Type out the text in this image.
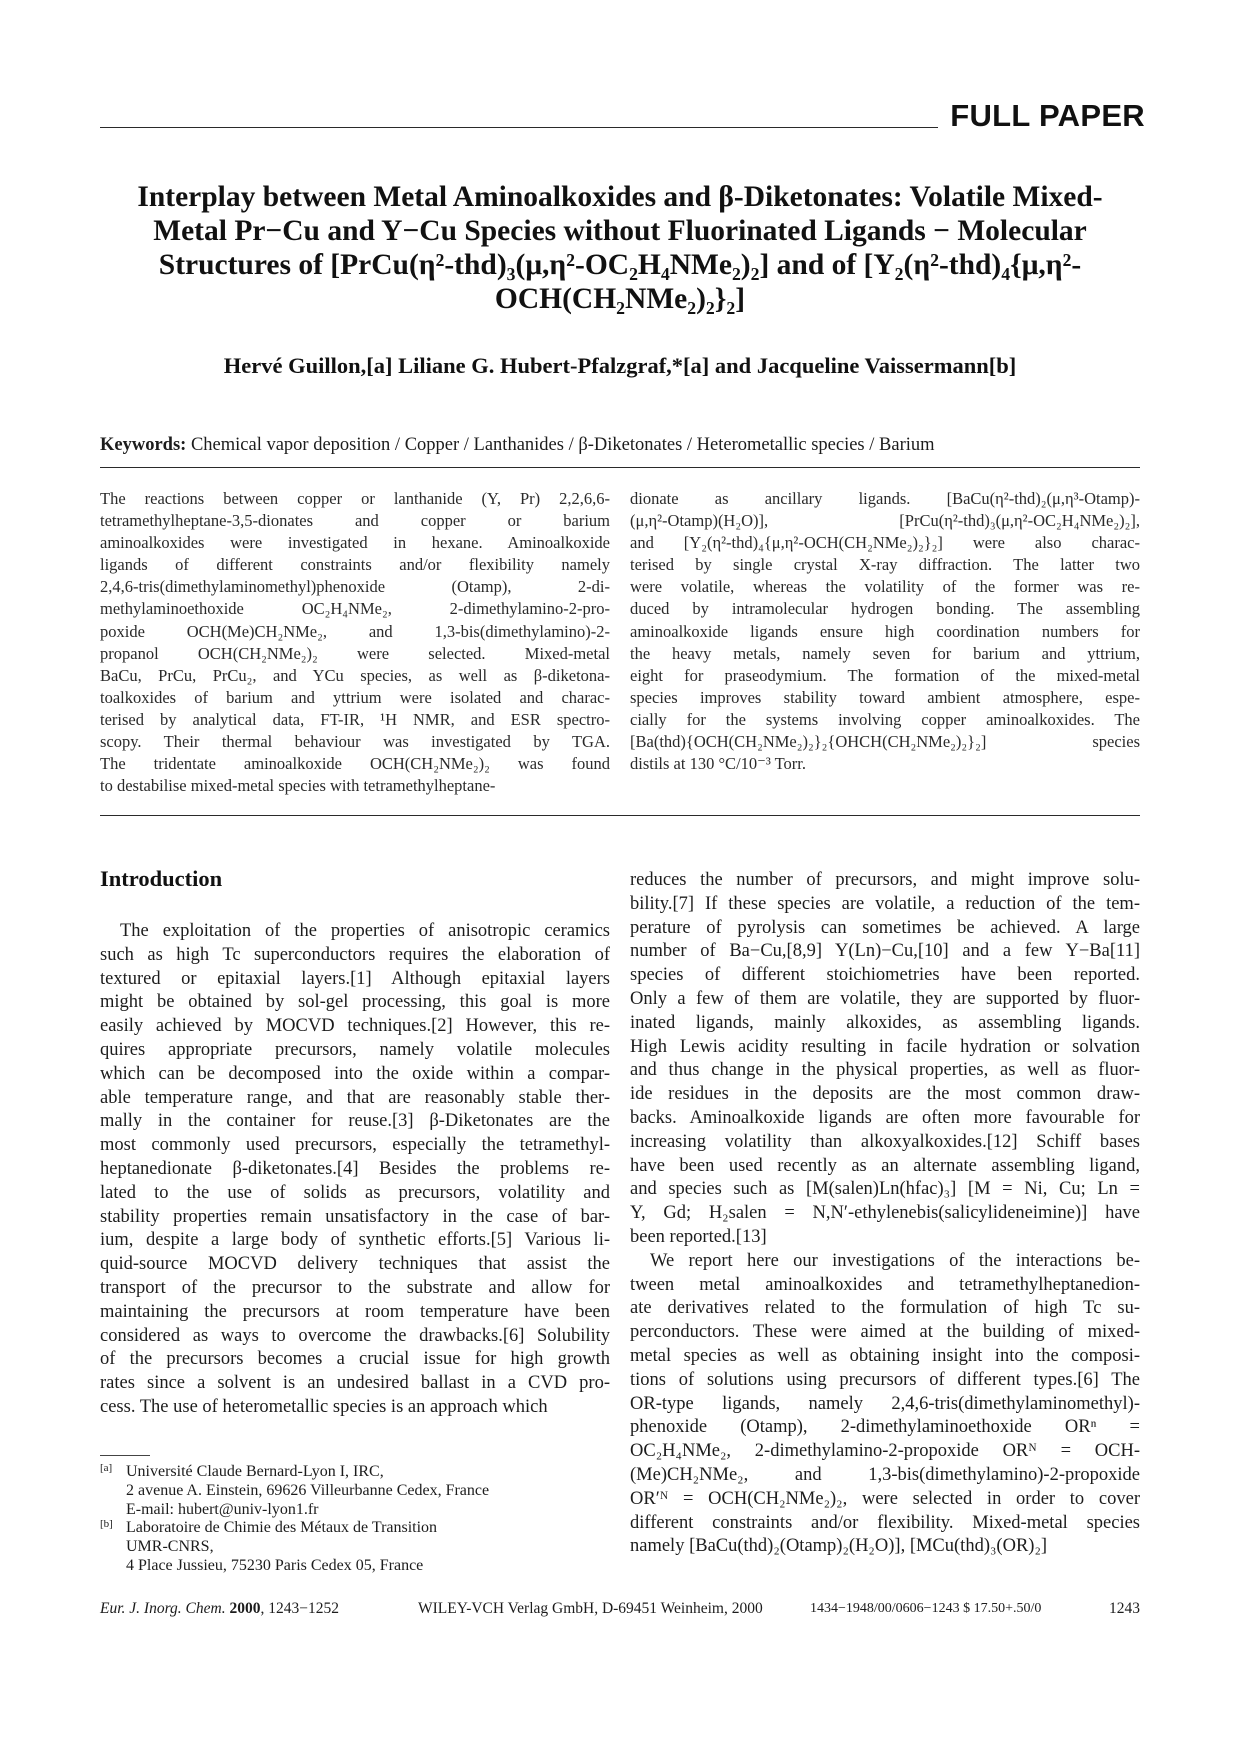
FULL PAPER
Interplay between Metal Aminoalkoxides and β-Diketonates: Volatile Mixed-
Metal Pr−Cu and Y−Cu Species without Fluorinated Ligands − Molecular
Structures of [PrCu(η²-thd)₃(μ,η²-OC₂H₄NMe₂)₂] and of [Y₂(η²-thd)₄{μ,η²-
OCH(CH₂NMe₂)₂}₂]
Hervé Guillon,[a] Liliane G. Hubert-Pfalzgraf,*[a] and Jacqueline Vaissermann[b]
Keywords: Chemical vapor deposition / Copper / Lanthanides / β-Diketonates / Heterometallic species / Barium
The reactions between copper or lanthanide (Y, Pr) 2,2,6,6-
tetramethylheptane-3,5-dionates and copper or barium
aminoalkoxides were investigated in hexane. Aminoalkoxide
ligands of different constraints and/or flexibility namely
2,4,6-tris(dimethylaminomethyl)phenoxide (Otamp), 2-di-
methylaminoethoxide OC₂H₄NMe₂, 2-dimethylamino-2-pro-
poxide OCH(Me)CH₂NMe₂, and 1,3-bis(dimethylamino)-2-
propanol OCH(CH₂NMe₂)₂ were selected. Mixed-metal
BaCu, PrCu, PrCu₂, and YCu species, as well as β-diketona-
toalkoxides of barium and yttrium were isolated and charac-
terised by analytical data, FT-IR, ¹H NMR, and ESR spectro-
scopy. Their thermal behaviour was investigated by TGA.
The tridentate aminoalkoxide OCH(CH₂NMe₂)₂ was found
to destabilise mixed-metal species with tetramethylheptane-
dionate as ancillary ligands. [BaCu(η²-thd)₂(μ,η³-Otamp)-
(μ,η²-Otamp)(H₂O)], [PrCu(η²-thd)₃(μ,η²-OC₂H₄NMe₂)₂],
and [Y₂(η²-thd)₄{μ,η²-OCH(CH₂NMe₂)₂}₂] were also charac-
terised by single crystal X-ray diffraction. The latter two
were volatile, whereas the volatility of the former was re-
duced by intramolecular hydrogen bonding. The assembling
aminoalkoxide ligands ensure high coordination numbers for
the heavy metals, namely seven for barium and yttrium,
eight for praseodymium. The formation of the mixed-metal
species improves stability toward ambient atmosphere, espe-
cially for the systems involving copper aminoalkoxides. The
[Ba(thd){OCH(CH₂NMe₂)₂}₂{OHCH(CH₂NMe₂)₂}₂] species
distils at 130 °C/10⁻³ Torr.
Introduction
The exploitation of the properties of anisotropic ceramics
such as high Tc superconductors requires the elaboration of
textured or epitaxial layers.[1] Although epitaxial layers
might be obtained by sol-gel processing, this goal is more
easily achieved by MOCVD techniques.[2] However, this re-
quires appropriate precursors, namely volatile molecules
which can be decomposed into the oxide within a compar-
able temperature range, and that are reasonably stable ther-
mally in the container for reuse.[3] β-Diketonates are the
most commonly used precursors, especially the tetramethyl-
heptanedionate β-diketonates.[4] Besides the problems re-
lated to the use of solids as precursors, volatility and
stability properties remain unsatisfactory in the case of bar-
ium, despite a large body of synthetic efforts.[5] Various li-
quid-source MOCVD delivery techniques that assist the
transport of the precursor to the substrate and allow for
maintaining the precursors at room temperature have been
considered as ways to overcome the drawbacks.[6] Solubility
of the precursors becomes a crucial issue for high growth
rates since a solvent is an undesired ballast in a CVD pro-
cess. The use of heterometallic species is an approach which
reduces the number of precursors, and might improve solu-
bility.[7] If these species are volatile, a reduction of the tem-
perature of pyrolysis can sometimes be achieved. A large
number of Ba−Cu,[8,9] Y(Ln)−Cu,[10] and a few Y−Ba[11]
species of different stoichiometries have been reported.
Only a few of them are volatile, they are supported by fluor-
inated ligands, mainly alkoxides, as assembling ligands.
High Lewis acidity resulting in facile hydration or solvation
and thus change in the physical properties, as well as fluor-
ide residues in the deposits are the most common draw-
backs. Aminoalkoxide ligands are often more favourable for
increasing volatility than alkoxyalkoxides.[12] Schiff bases
have been used recently as an alternate assembling ligand,
and species such as [M(salen)Ln(hfac)₃] [M = Ni, Cu; Ln =
Y, Gd; H₂salen = N,N′-ethylenebis(salicylideneimine)] have
been reported.[13]
We report here our investigations of the interactions be-
tween metal aminoalkoxides and tetramethylheptanedion-
ate derivatives related to the formulation of high Tc su-
perconductors. These were aimed at the building of mixed-
metal species as well as obtaining insight into the composi-
tions of solutions using precursors of different types.[6] The
OR-type ligands, namely 2,4,6-tris(dimethylaminomethyl)-
phenoxide (Otamp), 2-dimethylaminoethoxide ORⁿ =
OC₂H₄NMe₂, 2-dimethylamino-2-propoxide ORᴺ = OCH-
(Me)CH₂NMe₂, and 1,3-bis(dimethylamino)-2-propoxide
OR′ᴺ = OCH(CH₂NMe₂)₂, were selected in order to cover
different constraints and/or flexibility. Mixed-metal species
namely [BaCu(thd)₂(Otamp)₂(H₂O)], [MCu(thd)₃(OR)₂]
[a] Université Claude Bernard-Lyon I, IRC,
2 avenue A. Einstein, 69626 Villeurbanne Cedex, France
E-mail: hubert@univ-lyon1.fr
[b] Laboratoire de Chimie des Métaux de Transition
UMR-CNRS,
4 Place Jussieu, 75230 Paris Cedex 05, France
Eur. J. Inorg. Chem. 2000, 1243−1252	WILEY-VCH Verlag GmbH, D-69451 Weinheim, 2000	1434−1948/00/0606−1243 $ 17.50+.50/0	1243
